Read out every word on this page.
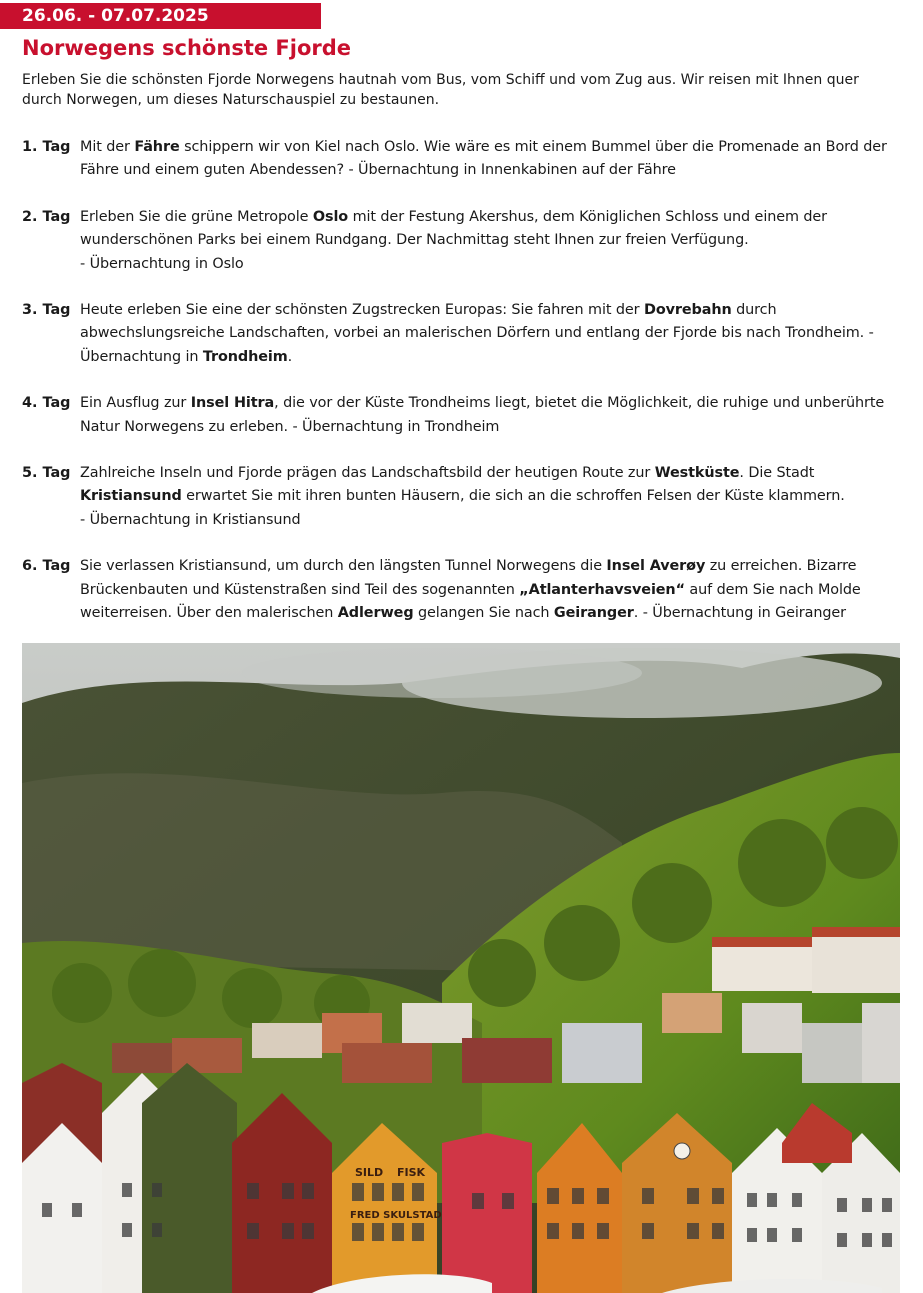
26.06. - 07.07.2025
Norwegens schönste Fjorde

Erleben Sie die schönsten Fjorde Norwegens hautnah vom Bus, vom Schiff und vom Zug aus. Wir reisen mit Ihnen quer durch Norwegen, um dieses Naturschauspiel zu bestaunen.

1. Tag Mit der Fähre schippern wir von Kiel nach Oslo. Wie wäre es mit einem Bummel über die Promenade an Bord der Fähre und einem guten Abendessen? - Übernachtung in Innenkabinen auf der Fähre
2. Tag Erleben Sie die grüne Metropole Oslo mit der Festung Akershus, dem Königlichen Schloss und einem der wunderschönen Parks bei einem Rundgang. Der Nachmittag steht Ihnen zur freien Verfügung.
- Übernachtung in Oslo
3. Tag Heute erleben Sie eine der schönsten Zugstrecken Europas: Sie fahren mit der Dovrebahn durch abwechslungsreiche Landschaften, vorbei an malerischen Dörfern und entlang der Fjorde bis nach Trondheim. - Übernachtung in Trondheim.
4. Tag Ein Ausflug zur Insel Hitra, die vor der Küste Trondheims liegt, bietet die Möglichkeit, die ruhige und unberührte Natur Norwegens zu erleben. - Übernachtung in Trondheim
5. Tag Zahlreiche Inseln und Fjorde prägen das Landschaftsbild der heutigen Route zur Westküste. Die Stadt Kristiansund erwartet Sie mit ihren bunten Häusern, die sich an die schroffen Felsen der Küste klammern.
- Übernachtung in Kristiansund
6. Tag Sie verlassen Kristiansund, um durch den längsten Tunnel Norwegens die Insel Averøy zu erreichen. Bizarre Brückenbauten und Küstenstraßen sind Teil des sogenannten „Atlanterhavsveien“ auf dem Sie nach Molde weiterreisen. Über den malerischen Adlerweg gelangen Sie nach Geiranger. - Übernachtung in Geiranger
SILD FISK
FRED SKULSTAD
